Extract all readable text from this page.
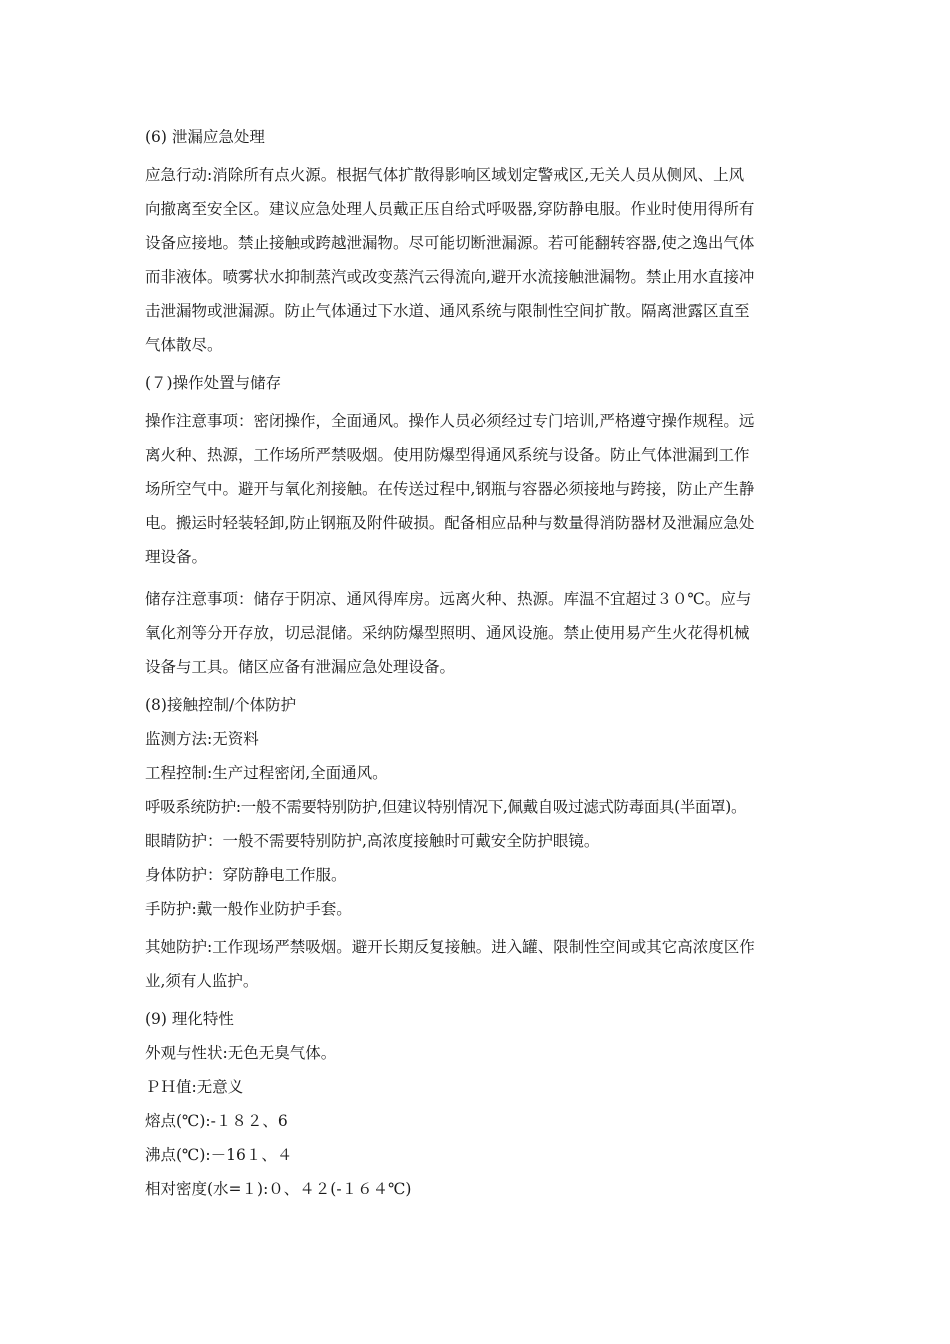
(6) 泄漏应急处理
应急行动:消除所有点火源。根据气体扩散得影响区域划定警戒区,无关人员从侧风、上风
向撤离至安全区。建议应急处理人员戴正压自给式呼吸器,穿防静电服。作业时使用得所有
设备应接地。禁止接触或跨越泄漏物。尽可能切断泄漏源。若可能翻转容器,使之逸出气体
而非液体。喷雾状水抑制蒸汽或改变蒸汽云得流向,避开水流接触泄漏物。禁止用水直接冲
击泄漏物或泄漏源。防止气体通过下水道、通风系统与限制性空间扩散。隔离泄露区直至
气体散尽。
(７)操作处置与储存
操作注意事项：密闭操作，全面通风。操作人员必须经过专门培训,严格遵守操作规程。远
离火种、热源，工作场所严禁吸烟。使用防爆型得通风系统与设备。防止气体泄漏到工作
场所空气中。避开与氧化剂接触。在传送过程中,钢瓶与容器必须接地与跨接，防止产生静
电。搬运时轻装轻卸,防止钢瓶及附件破损。配备相应品种与数量得消防器材及泄漏应急处
理设备。
储存注意事项：储存于阴凉、通风得库房。远离火种、热源。库温不宜超过３０℃。应与
氧化剂等分开存放，切忌混储。采纳防爆型照明、通风设施。禁止使用易产生火花得机械
设备与工具。储区应备有泄漏应急处理设备。
(8)接触控制/个体防护
监测方法:无资料
工程控制:生产过程密闭,全面通风。
呼吸系统防护:一般不需要特别防护,但建议特别情况下,佩戴自吸过滤式防毒面具(半面罩)。
眼睛防护：一般不需要特别防护,高浓度接触时可戴安全防护眼镜。
身体防护：穿防静电工作服。
手防护:戴一般作业防护手套。
其她防护:工作现场严禁吸烟。避开长期反复接触。进入罐、限制性空间或其它高浓度区作
业,须有人监护。
(9) 理化特性
外观与性状:无色无臭气体。
ＰＨ值:无意义
熔点(℃):-１８２、6
沸点(℃):－16１、４
相对密度(水=１):０、４２(-１６４℃)
